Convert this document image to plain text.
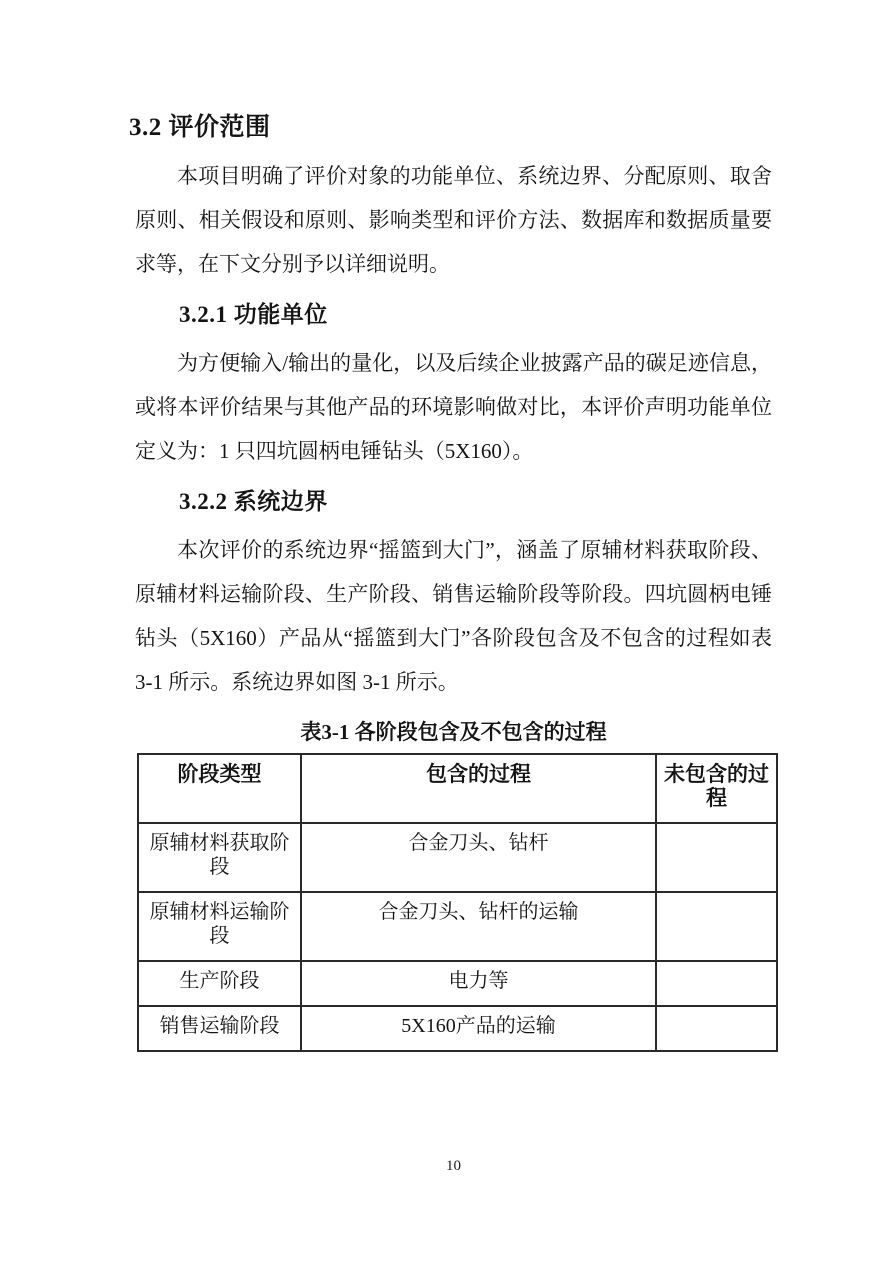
3.2 评价范围

本项目明确了评价对象的功能单位、系统边界、分配原则、取舍原则、相关假设和原则、影响类型和评价方法、数据库和数据质量要求等，在下文分别予以详细说明。

3.2.1 功能单位

为方便输入/输出的量化，以及后续企业披露产品的碳足迹信息，或将本评价结果与其他产品的环境影响做对比，本评价声明功能单位定义为：1 只四坑圆柄电锤钻头（5X160）。

3.2.2 系统边界

本次评价的系统边界“摇篮到大门”，涵盖了原辅材料获取阶段、原辅材料运输阶段、生产阶段、销售运输阶段等阶段。四坑圆柄电锤钻头（5X160）产品从“摇篮到大门”各阶段包含及不包含的过程如表 3-1 所示。系统边界如图 3-1 所示。

表3-1 各阶段包含及不包含的过程
阶段类型	包含的过程	未包含的过程
原辅材料获取阶段	合金刀头、钻杆	
原辅材料运输阶段	合金刀头、钻杆的运输	
生产阶段	电力等	
销售运输阶段	5X160产品的运输	
10
